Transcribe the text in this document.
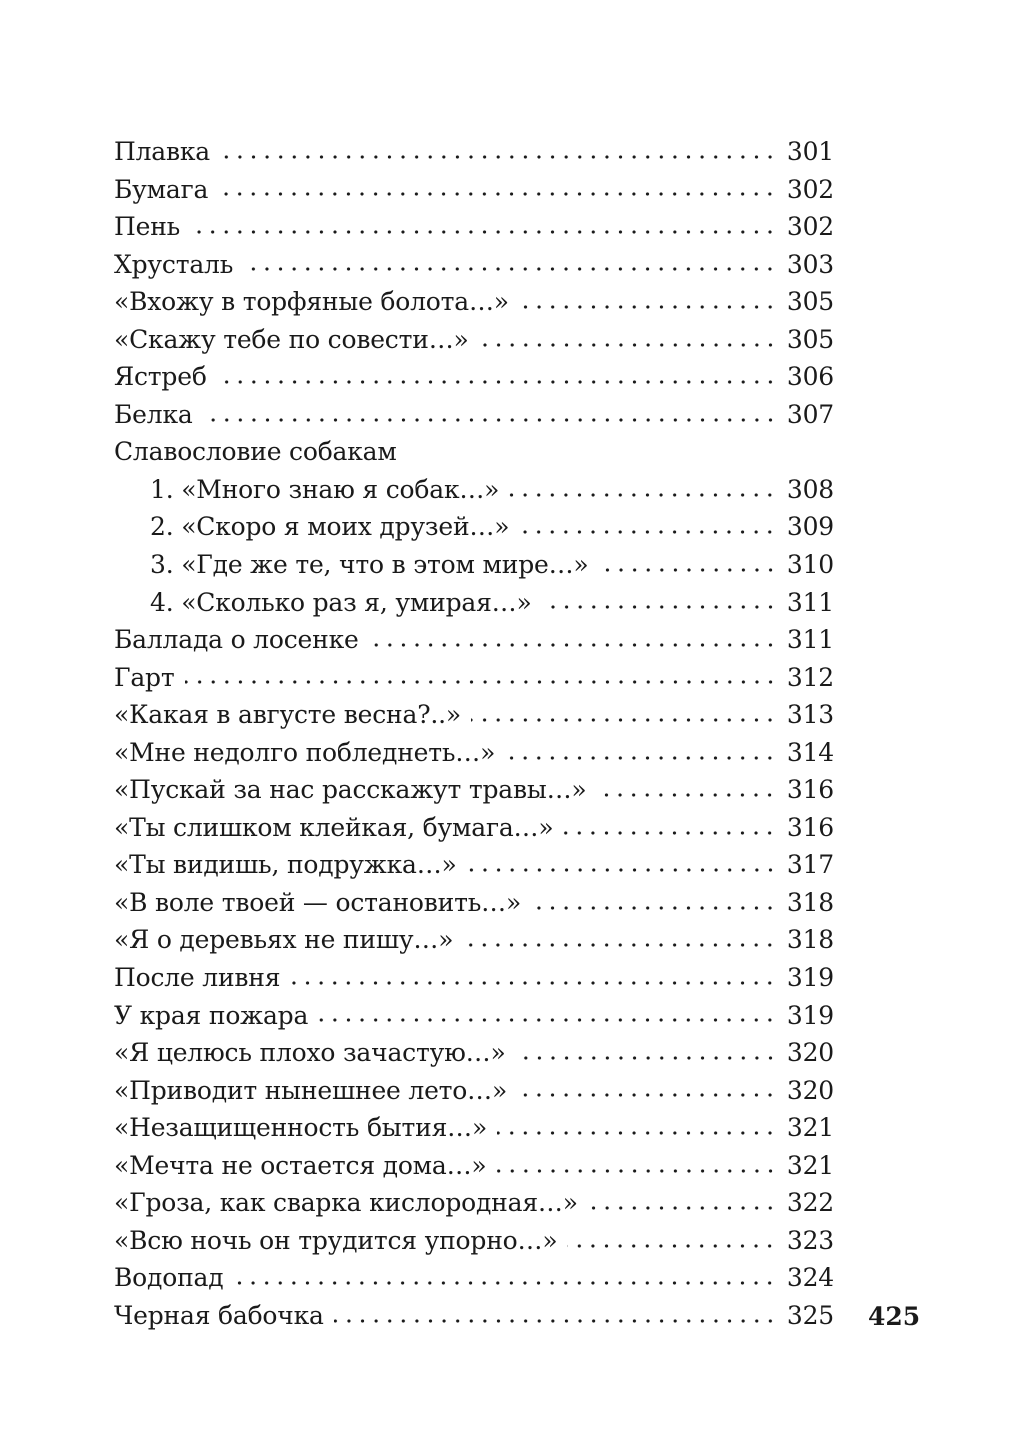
Плавка	301
Бумага	302
Пень	302
Хрусталь	303
«Вхожу в торфяные болота…»	305
«Скажу тебе по совести…»	305
Ястреб	306
Белка	307
Славословие собакам
1. «Много знаю я собак…»	308
2. «Скоро я моих друзей…»	309
3. «Где же те, что в этом мире…»	310
4. «Сколько раз я, умирая…»	311
Баллада о лосенке	311
Гарт	312
«Какая в августе весна?..»	313
«Мне недолго побледнеть…»	314
«Пускай за нас расскажут травы…»	316
«Ты слишком клейкая, бумага…»	316
«Ты видишь, подружка…»	317
«В воле твоей — остановить…»	318
«Я о деревьях не пишу…»	318
После ливня	319
У края пожара	319
«Я целюсь плохо зачастую…»	320
«Приводит нынешнее лето…»	320
«Незащищенность бытия…»	321
«Мечта не остается дома…»	321
«Гроза, как сварка кислородная…»	322
«Всю ночь он трудится упорно…»	323
Водопад	324
Черная бабочка	325 425
